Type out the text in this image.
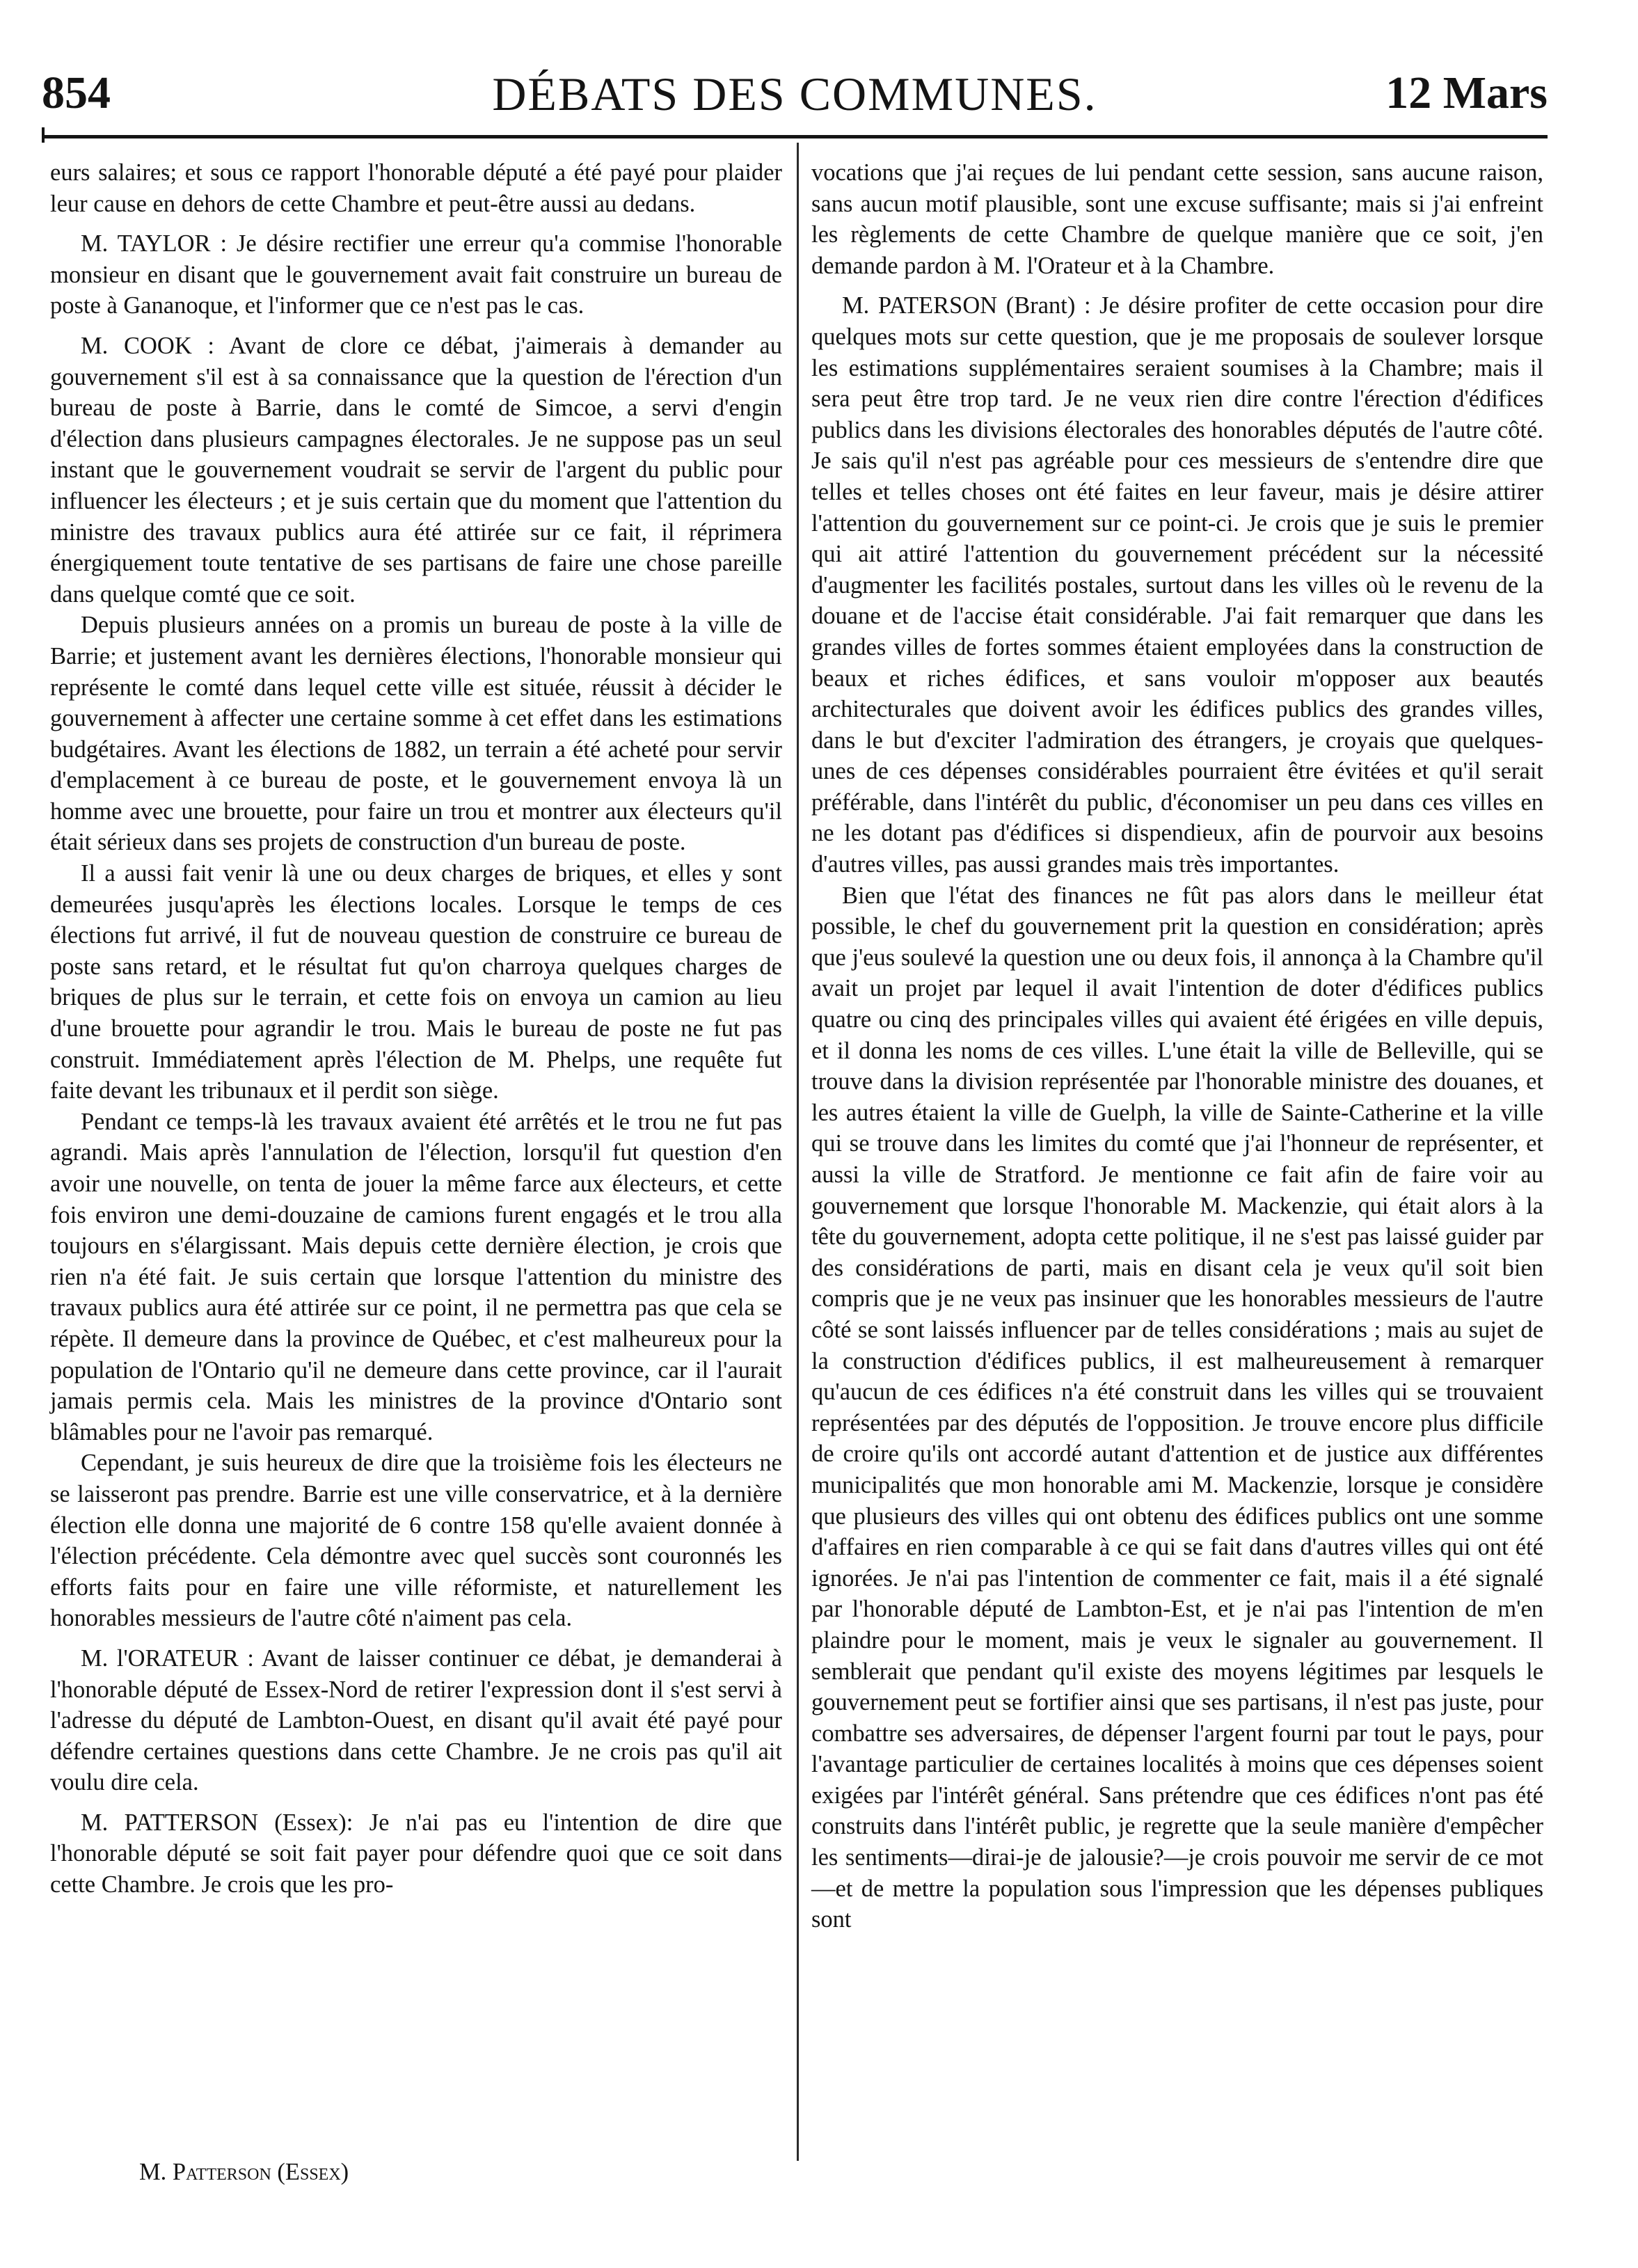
854	DÉBATS DES COMMUNES.	12 Mars

eurs salaires; et sous ce rapport l'honorable député a été payé pour plaider leur cause en dehors de cette Chambre et peut-être aussi au dedans.

M. TAYLOR : Je désire rectifier une erreur qu'a commise l'honorable monsieur en disant que le gouvernement avait fait construire un bureau de poste à Gananoque, et l'informer que ce n'est pas le cas.

M. COOK : Avant de clore ce débat, j'aimerais à demander au gouvernement s'il est à sa connaissance que la question de l'érection d'un bureau de poste à Barrie, dans le comté de Simcoe, a servi d'engin d'élection dans plusieurs campagnes électorales. Je ne suppose pas un seul instant que le gouvernement voudrait se servir de l'argent du public pour influencer les électeurs ; et je suis certain que du moment que l'attention du ministre des travaux publics aura été attirée sur ce fait, il réprimera énergiquement toute tentative de ses partisans de faire une chose pareille dans quelque comté que ce soit.

Depuis plusieurs années on a promis un bureau de poste à la ville de Barrie; et justement avant les dernières élections, l'honorable monsieur qui représente le comté dans lequel cette ville est située, réussit à décider le gouvernement à affecter une certaine somme à cet effet dans les estimations budgétaires. Avant les élections de 1882, un terrain a été acheté pour servir d'emplacement à ce bureau de poste, et le gouvernement envoya là un homme avec une brouette, pour faire un trou et montrer aux électeurs qu'il était sérieux dans ses projets de construction d'un bureau de poste.

Il a aussi fait venir là une ou deux charges de briques, et elles y sont demeurées jusqu'après les élections locales. Lorsque le temps de ces élections fut arrivé, il fut de nouveau question de construire ce bureau de poste sans retard, et le résultat fut qu'on charroya quelques charges de briques de plus sur le terrain, et cette fois on envoya un camion au lieu d'une brouette pour agrandir le trou. Mais le bureau de poste ne fut pas construit. Immédiatement après l'élection de M. Phelps, une requête fut faite devant les tribunaux et il perdit son siège.

Pendant ce temps-là les travaux avaient été arrêtés et le trou ne fut pas agrandi. Mais après l'annulation de l'élection, lorsqu'il fut question d'en avoir une nouvelle, on tenta de jouer la même farce aux électeurs, et cette fois environ une demi-douzaine de camions furent engagés et le trou alla toujours en s'élargissant. Mais depuis cette dernière élection, je crois que rien n'a été fait. Je suis certain que lorsque l'attention du ministre des travaux publics aura été attirée sur ce point, il ne permettra pas que cela se répète. Il demeure dans la province de Québec, et c'est malheureux pour la population de l'Ontario qu'il ne demeure dans cette province, car il l'aurait jamais permis cela. Mais les ministres de la province d'Ontario sont blâmables pour ne l'avoir pas remarqué.

Cependant, je suis heureux de dire que la troisième fois les électeurs ne se laisseront pas prendre. Barrie est une ville conservatrice, et à la dernière élection elle donna une majorité de 6 contre 158 qu'elle avaient donnée à l'élection précédente. Cela démontre avec quel succès sont couronnés les efforts faits pour en faire une ville réformiste, et naturellement les honorables messieurs de l'autre côté n'aiment pas cela.

M. l'ORATEUR : Avant de laisser continuer ce débat, je demanderai à l'honorable député de Essex-Nord de retirer l'expression dont il s'est servi à l'adresse du député de Lambton-Ouest, en disant qu'il avait été payé pour défendre certaines questions dans cette Chambre. Je ne crois pas qu'il ait voulu dire cela.

M. PATTERSON (Essex): Je n'ai pas eu l'intention de dire que l'honorable député se soit fait payer pour défendre quoi que ce soit dans cette Chambre. Je crois que les pro-

vocations que j'ai reçues de lui pendant cette session, sans aucune raison, sans aucun motif plausible, sont une excuse suffisante; mais si j'ai enfreint les règlements de cette Chambre de quelque manière que ce soit, j'en demande pardon à M. l'Orateur et à la Chambre.

M. PATERSON (Brant) : Je désire profiter de cette occasion pour dire quelques mots sur cette question, que je me proposais de soulever lorsque les estimations supplémentaires seraient soumises à la Chambre; mais il sera peut être trop tard. Je ne veux rien dire contre l'érection d'édifices publics dans les divisions électorales des honorables députés de l'autre côté. Je sais qu'il n'est pas agréable pour ces messieurs de s'entendre dire que telles et telles choses ont été faites en leur faveur, mais je désire attirer l'attention du gouvernement sur ce point-ci. Je crois que je suis le premier qui ait attiré l'attention du gouvernement précédent sur la nécessité d'augmenter les facilités postales, surtout dans les villes où le revenu de la douane et de l'accise était considérable. J'ai fait remarquer que dans les grandes villes de fortes sommes étaient employées dans la construction de beaux et riches édifices, et sans vouloir m'opposer aux beautés architecturales que doivent avoir les édifices publics des grandes villes, dans le but d'exciter l'admiration des étrangers, je croyais que quelques-unes de ces dépenses considérables pourraient être évitées et qu'il serait préférable, dans l'intérêt du public, d'économiser un peu dans ces villes en ne les dotant pas d'édifices si dispendieux, afin de pourvoir aux besoins d'autres villes, pas aussi grandes mais très importantes.

Bien que l'état des finances ne fût pas alors dans le meilleur état possible, le chef du gouvernement prit la question en considération; après que j'eus soulevé la question une ou deux fois, il annonça à la Chambre qu'il avait un projet par lequel il avait l'intention de doter d'édifices publics quatre ou cinq des principales villes qui avaient été érigées en ville depuis, et il donna les noms de ces villes. L'une était la ville de Belleville, qui se trouve dans la division représentée par l'honorable ministre des douanes, et les autres étaient la ville de Guelph, la ville de Sainte-Catherine et la ville qui se trouve dans les limites du comté que j'ai l'honneur de représenter, et aussi la ville de Stratford. Je mentionne ce fait afin de faire voir au gouvernement que lorsque l'honorable M. Mackenzie, qui était alors à la tête du gouvernement, adopta cette politique, il ne s'est pas laissé guider par des considérations de parti, mais en disant cela je veux qu'il soit bien compris que je ne veux pas insinuer que les honorables messieurs de l'autre côté se sont laissés influencer par de telles considérations ; mais au sujet de la construction d'édifices publics, il est malheureusement à remarquer qu'aucun de ces édifices n'a été construit dans les villes qui se trouvaient représentées par des députés de l'opposition. Je trouve encore plus difficile de croire qu'ils ont accordé autant d'attention et de justice aux différentes municipalités que mon honorable ami M. Mackenzie, lorsque je considère que plusieurs des villes qui ont obtenu des édifices publics ont une somme d'affaires en rien comparable à ce qui se fait dans d'autres villes qui ont été ignorées. Je n'ai pas l'intention de commenter ce fait, mais il a été signalé par l'honorable député de Lambton-Est, et je n'ai pas l'intention de m'en plaindre pour le moment, mais je veux le signaler au gouvernement. Il semblerait que pendant qu'il existe des moyens légitimes par lesquels le gouvernement peut se fortifier ainsi que ses partisans, il n'est pas juste, pour combattre ses adversaires, de dépenser l'argent fourni par tout le pays, pour l'avantage particulier de certaines localités à moins que ces dépenses soient exigées par l'intérêt général. Sans prétendre que ces édifices n'ont pas été construits dans l'intérêt public, je regrette que la seule manière d'empêcher les sentiments—dirai-je de jalousie?—je crois pouvoir me servir de ce mot—et de mettre la population sous l'impression que les dépenses publiques sont

M. Patterson (Essex)
